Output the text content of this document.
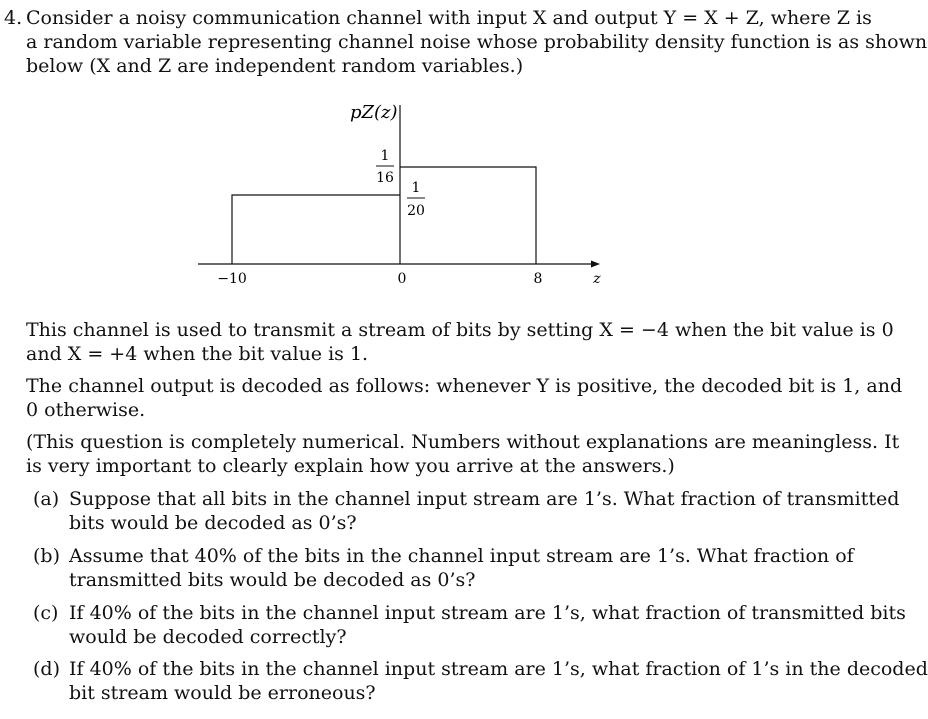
4. Consider a noisy communication channel with input X and output Y = X + Z, where Z is
a random variable representing channel noise whose probability density function is as shown
below (X and Z are independent random variables.)
pZ(z)
1
16
1
20
−10	0	8	z
This channel is used to transmit a stream of bits by setting X = −4 when the bit value is 0
and X = +4 when the bit value is 1.
The channel output is decoded as follows: whenever Y is positive, the decoded bit is 1, and
0 otherwise.
(This question is completely numerical. Numbers without explanations are meaningless. It
is very important to clearly explain how you arrive at the answers.)
(a) Suppose that all bits in the channel input stream are 1’s. What fraction of transmitted
bits would be decoded as 0’s?
(b) Assume that 40% of the bits in the channel input stream are 1’s. What fraction of
transmitted bits would be decoded as 0’s?
(c) If 40% of the bits in the channel input stream are 1’s, what fraction of transmitted bits
would be decoded correctly?
(d) If 40% of the bits in the channel input stream are 1’s, what fraction of 1’s in the decoded
bit stream would be erroneous?
